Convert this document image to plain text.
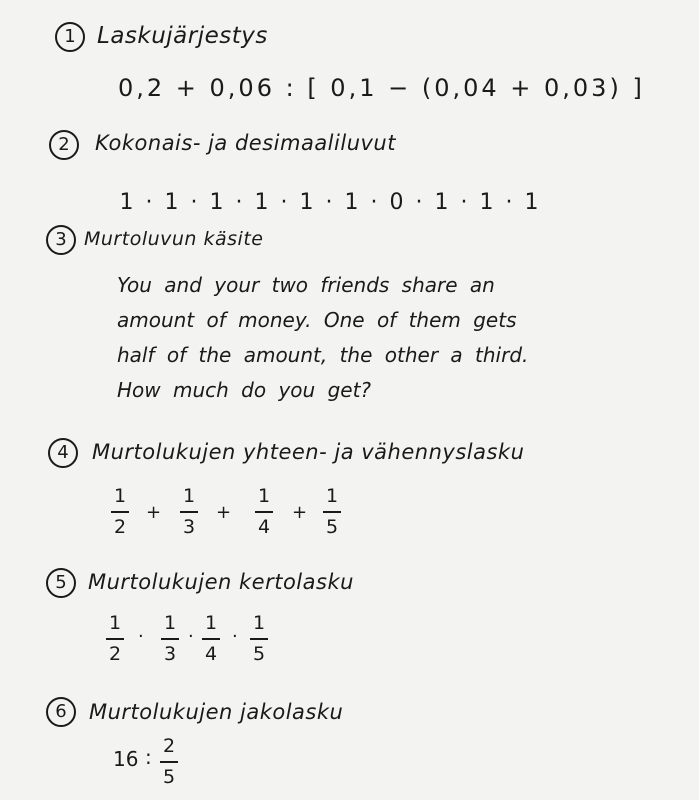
1 Laskujärjestys
0,2 + 0,06 : [ 0,1 − (0,04 + 0,03) ]
2	Kokonais- ja desimaaliluvut
1 · 1 · 1 · 1 · 1 · 1 · 0 · 1 · 1 · 1
3 Murtoluvun käsite
You and your two friends share an amount of money. One of them gets half of the amount, the other a third. How much do you get?
4	Murtolukujen yhteen- ja vähennyslasku
1
2
+
1
3
+
1
4
+
1
5
5	Murtolukujen kertolasku
1
2
·
1
3
·
1
4
·
1
5
6	Murtolukujen jakolasku
16 : 2
5
